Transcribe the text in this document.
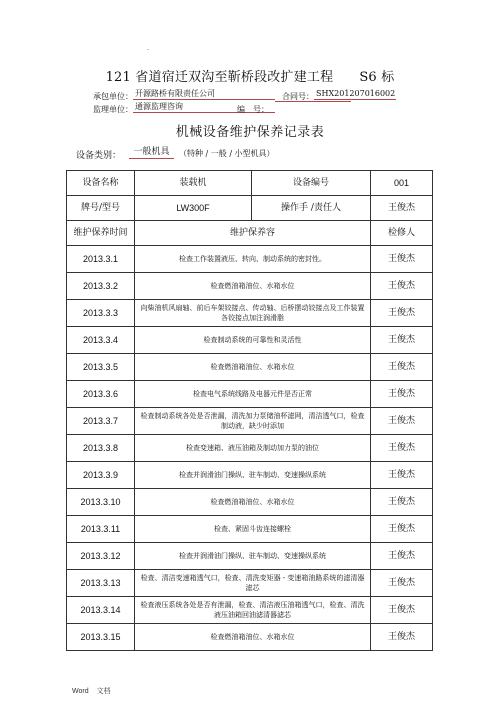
.
121 省道宿迁双沟至靳桥段改扩建工程 S6 标
承包单位： 开源路桥有限责任公司	合同号： SHX201207016002
监理单位： 通源监理咨询	编　号：
机械设备维护保养记录表
设备类别：	一般机具	（特种 / 一般 / 小型机具）
设备名称	装载机	设备编号	001
牌号/型号	LW300F	操作手 /责任人	王俊杰
维护保养时间	维护保养容		检修人
2013.3.1	检查工作装置液压、转向、制动系统的密封性。		王俊杰
2013.3.2	检查燃油箱油位、水箱水位		王俊杰
2013.3.3	向柴油机风扇轴、前后车架铰接点、传动轴、后桥摆动铰接点及工作装置各铰接点加注润滑脂		王俊杰
2013.3.4	检查制动系统的可靠性和灵活性		王俊杰
2013.3.5	检查燃油箱油位、水箱水位		王俊杰
2013.3.6	检查电气系统线路及电器元件是否正常		王俊杰
2013.3.7	检查制动系统各处是否泄漏，清洗加力泵储油杯滤网，清洁透气口，检查制动液，缺少时添加		王俊杰
2013.3.8	检查变速箱、液压油箱及制动加力泵的油位		王俊杰
2013.3.9	检查并润滑油门操纵、驻车制动、变速操纵系统		王俊杰
2013.3.10	检查燃油箱油位、水箱水位		王俊杰
2013.3.11	检查、紧固斗齿连接螺栓		王俊杰
2013.3.12	检查并润滑油门操纵、驻车制动、变速操纵系统		王俊杰
2013.3.13	检查、清洁变速箱透气口，检查、清洗变矩器 - 变速箱油路系统的滤清器滤芯		王俊杰
2013.3.14	检查液压系统各处是否有泄漏，检查、清洁液压油箱透气口，检查、清洗液压油箱回油滤清器滤芯		王俊杰
2013.3.15	检查燃油箱油位、水箱水位		王俊杰
Word 文档
